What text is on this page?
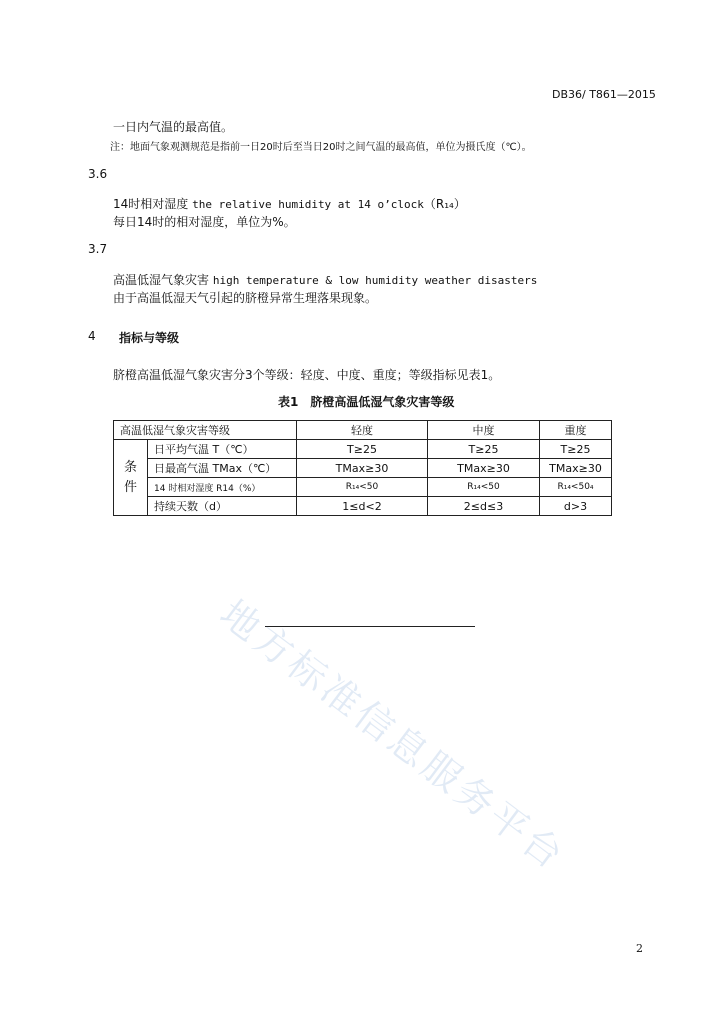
DB36/ T861—2015
一日内气温的最高值。
注：地面气象观测规范是指前一日20时后至当日20时之间气温的最高值，单位为摄氏度（℃）。
3.6
14时相对湿度 the relative humidity at 14 o’clock（R₁₄）
每日14时的相对湿度，单位为%。
3.7
高温低湿气象灾害 high temperature & low humidity weather disasters
由于高温低湿天气引起的脐橙异常生理落果现象。
4 指标与等级
脐橙高温低湿气象灾害分3个等级：轻度、中度、重度；等级指标见表1。
表1　脐橙高温低湿气象灾害等级
高温低湿气象灾害等级		轻度	中度	重度
条
件	日平均气温 T（℃）	T≥25	T≥25	T≥25
	日最高气温 TMax（℃）	TMax≥30	TMax≥30	TMax≥30
	14 时相对湿度 R14（%）	R₁₄<50	R₁₄<50	R₁₄<50₄
	持续天数（d）	1≤d<2	2≤d≤3	d>3
地方标准信息服务平台
2
